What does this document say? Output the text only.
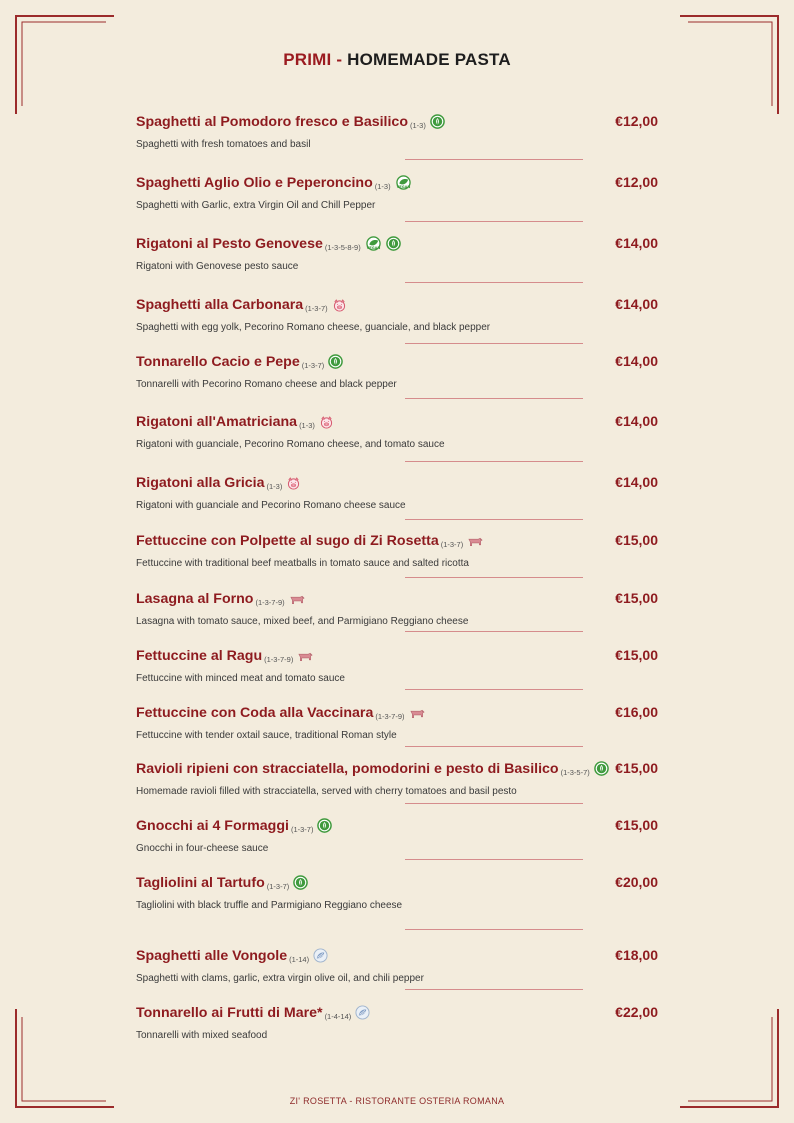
PRIMI - HOMEMADE PASTA
Spaghetti al Pomodoro fresco e Basilico (1-3)
Spaghetti with fresh tomatoes and basil
€12,00
Spaghetti Aglio Olio e Peperoncino (1-3) VEGAN
Spaghetti with Garlic, extra Virgin Oil and Chill Pepper
€12,00
Rigatoni al Pesto Genovese (1-3-5-8-9) VEGAN
Rigatoni with Genovese pesto sauce
€14,00
Spaghetti alla Carbonara (1-3-7)
Spaghetti with egg yolk, Pecorino Romano cheese, guanciale, and black pepper
€14,00
Tonnarello Cacio e Pepe (1-3-7)
Tonnarelli with Pecorino Romano cheese and black pepper
€14,00
Rigatoni all'Amatriciana (1-3)
Rigatoni with guanciale, Pecorino Romano cheese, and tomato sauce
€14,00
Rigatoni alla Gricia (1-3)
Rigatoni with guanciale and Pecorino Romano cheese sauce
€14,00
Fettuccine con Polpette al sugo di Zi Rosetta (1-3-7)
Fettuccine with traditional beef meatballs in tomato sauce and salted ricotta
€15,00
Lasagna al Forno (1-3-7-9)
Lasagna with tomato sauce, mixed beef, and Parmigiano Reggiano cheese
€15,00
Fettuccine al Ragu (1-3-7-9)
Fettuccine with minced meat and tomato sauce
€15,00
Fettuccine con Coda alla Vaccinara (1-3-7-9)
Fettuccine with tender oxtail sauce, traditional Roman style
€16,00
Ravioli ripieni con stracciatella, pomodorini e pesto di Basilico (1-3-5-7)
Homemade ravioli filled with stracciatella, served with cherry tomatoes and basil pesto
€15,00
Gnocchi ai 4 Formaggi (1-3-7)
Gnocchi in four-cheese sauce
€15,00
Tagliolini al Tartufo (1-3-7)
Tagliolini with black truffle and Parmigiano Reggiano cheese
€20,00
Spaghetti alle Vongole (1-14)
Spaghetti with clams, garlic, extra virgin olive oil, and chili pepper
€18,00
Tonnarello ai Frutti di Mare* (1-4-14)
Tonnarelli with mixed seafood
€22,00
ZI' ROSETTA - RISTORANTE OSTERIA ROMANA
